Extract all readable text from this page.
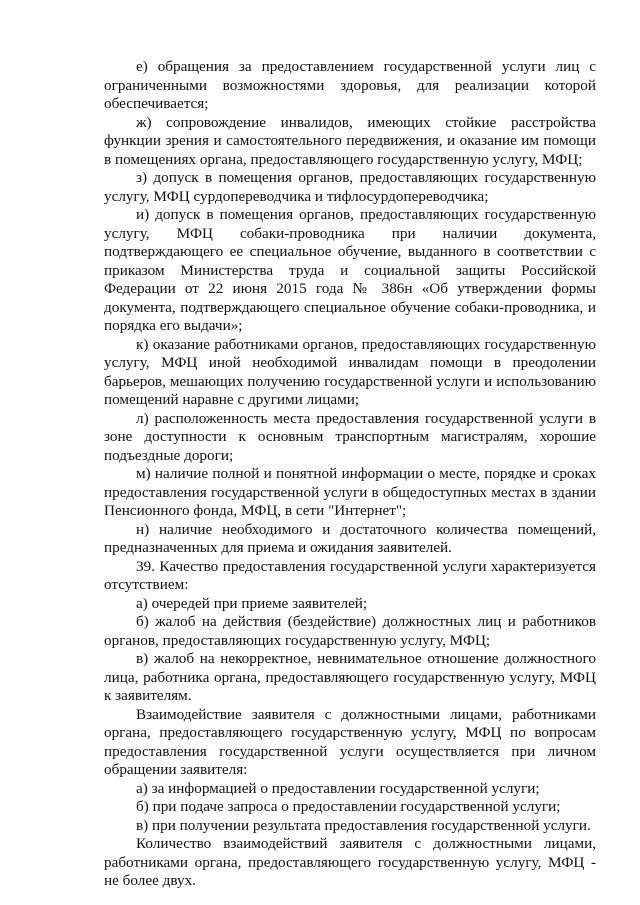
е) обращения за предоставлением государственной услуги лиц с ограниченными возможностями здоровья, для реализации которой обеспечивается;

ж) сопровождение инвалидов, имеющих стойкие расстройства функции зрения и самостоятельного передвижения, и оказание им помощи в помещениях органа, предоставляющего государственную услугу, МФЦ;

з) допуск в помещения органов, предоставляющих государственную услугу, МФЦ сурдопереводчика и тифлосурдопереводчика;

и) допуск в помещения органов, предоставляющих государственную услугу, МФЦ собаки-проводника при наличии документа, подтверждающего ее специальное обучение, выданного в соответствии с приказом Министерства труда и социальной защиты Российской Федерации от 22 июня 2015 года № 386н «Об утверждении формы документа, подтверждающего специальное обучение собаки-проводника, и порядка его выдачи»;

к) оказание работниками органов, предоставляющих государственную услугу, МФЦ иной необходимой инвалидам помощи в преодолении барьеров, мешающих получению государственной услуги и использованию помещений наравне с другими лицами;

л) расположенность места предоставления государственной услуги в зоне доступности к основным транспортным магистралям, хорошие подъездные дороги;

м) наличие полной и понятной информации о месте, порядке и сроках предоставления государственной услуги в общедоступных местах в здании Пенсионного фонда, МФЦ, в сети "Интернет";

н) наличие необходимого и достаточного количества помещений, предназначенных для приема и ожидания заявителей.

39. Качество предоставления государственной услуги характеризуется отсутствием:

а) очередей при приеме заявителей;

б) жалоб на действия (бездействие) должностных лиц и работников органов, предоставляющих государственную услугу, МФЦ;

в) жалоб на некорректное, невнимательное отношение должностного лица, работника органа, предоставляющего государственную услугу, МФЦ к заявителям.

Взаимодействие заявителя с должностными лицами, работниками органа, предоставляющего государственную услугу, МФЦ по вопросам предоставления государственной услуги осуществляется при личном обращении заявителя:

а) за информацией о предоставлении государственной услуги;

б) при подаче запроса о предоставлении государственной услуги;

в) при получении результата предоставления государственной услуги.

Количество взаимодействий заявителя с должностными лицами, работниками органа, предоставляющего государственную услугу, МФЦ - не более двух.
